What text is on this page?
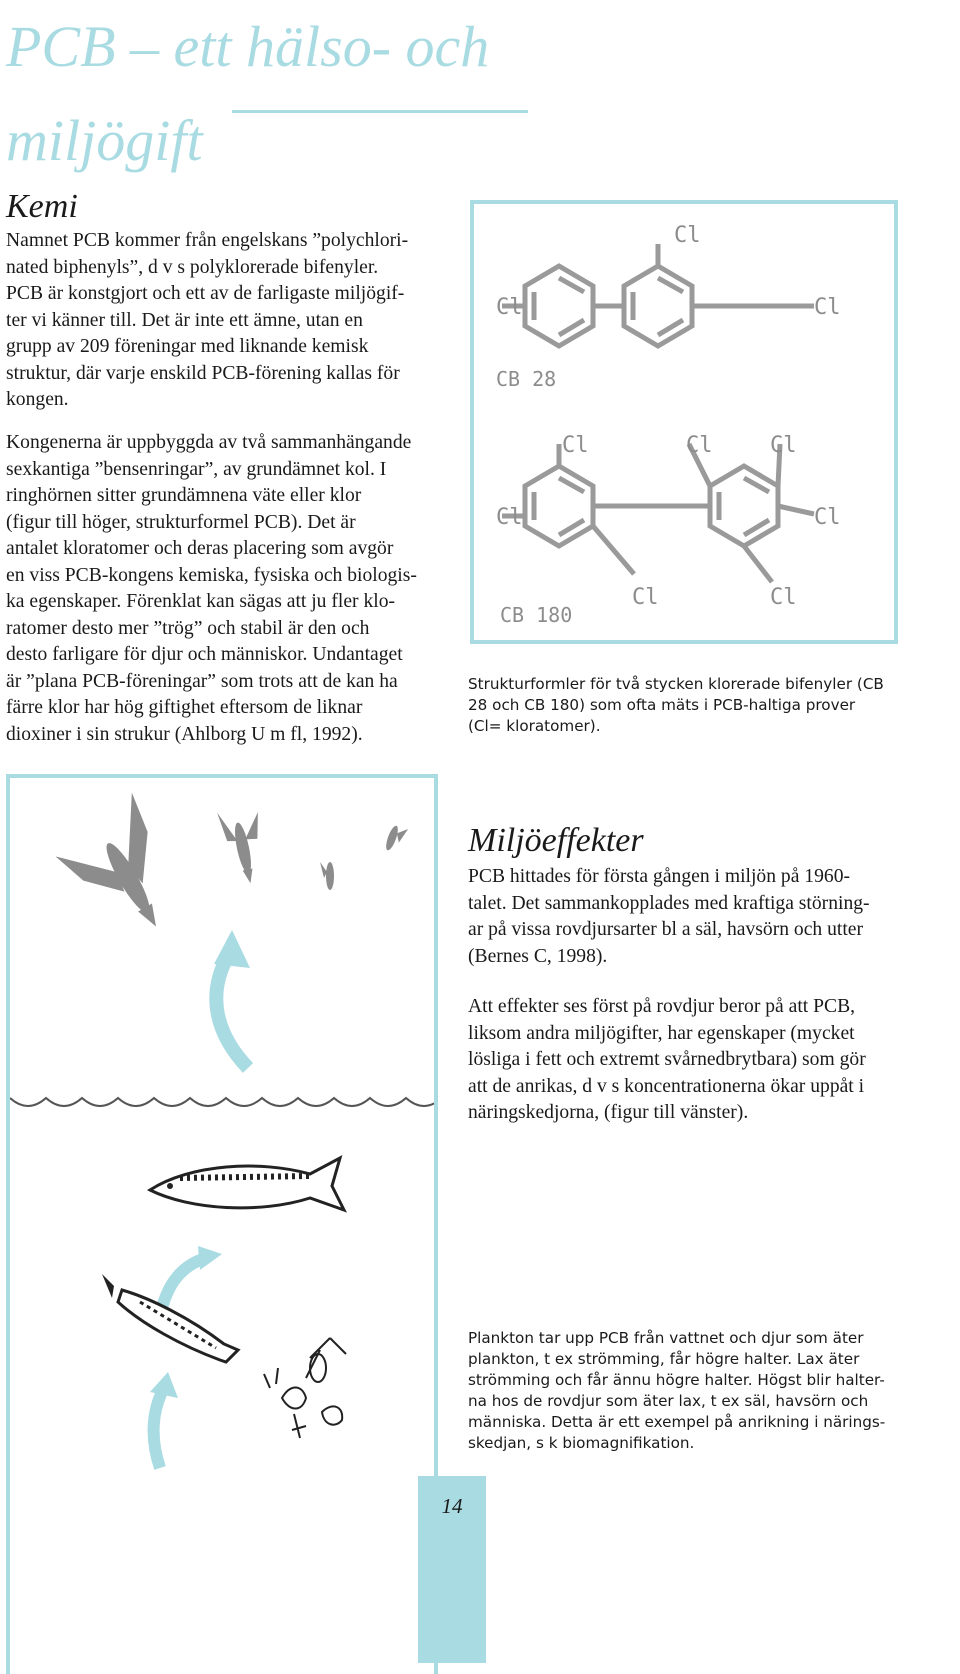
PCB – ett hälso- och
miljögift
Kemi
Namnet PCB kommer från engelskans ”polychlori-
nated biphenyls”, d v s polyklorerade bifenyler.
PCB är konstgjort och ett av de farligaste miljögif-
ter vi känner till. Det är inte ett ämne, utan en
grupp av 209 föreningar med liknande kemisk
struktur, där varje enskild PCB-förening kallas för
kongen.
Kongenerna är uppbyggda av två sammanhängande
sexkantiga ”bensenringar”, av grundämnet kol. I
ringhörnen sitter grundämnena väte eller klor
(figur till höger, strukturformel PCB). Det är
antalet kloratomer och deras placering som avgör
en viss PCB-kongens kemiska, fysiska och biologis-
ka egenskaper. Förenklat kan sägas att ju fler klo-
ratomer desto mer ”trög” och stabil är den och
desto farligare för djur och människor. Undantaget
är ”plana PCB-föreningar” som trots att de kan ha
färre klor har hög giftighet eftersom de liknar
dioxiner i sin strukur (Ahlborg U m fl, 1992).
Cl	Cl
Cl
CB 28
Cl
Cl
Cl
Cl	Cl
Cl
Cl
CB 180
Strukturformler för två stycken klorerade bifenyler (CB
28 och CB 180) som ofta mäts i PCB-haltiga prover
(Cl= kloratomer).
Miljöeffekter
PCB hittades för första gången i miljön på 1960-
talet. Det sammankopplades med kraftiga störning-
ar på vissa rovdjursarter bl a säl, havsörn och utter
(Bernes C, 1998).
Att effekter ses först på rovdjur beror på att PCB,
liksom andra miljögifter, har egenskaper (mycket
lösliga i fett och extremt svårnedbrytbara) som gör
att de anrikas, d v s koncentrationerna ökar uppåt i
näringskedjorna, (figur till vänster).
Plankton tar upp PCB från vattnet och djur som äter
plankton, t ex strömming, får högre halter. Lax äter
strömming och får ännu högre halter. Högst blir halter-
na hos de rovdjur som äter lax, t ex säl, havsörn och
människa. Detta är ett exempel på anrikning i närings-
skedjan, s k biomagnifikation.
14
